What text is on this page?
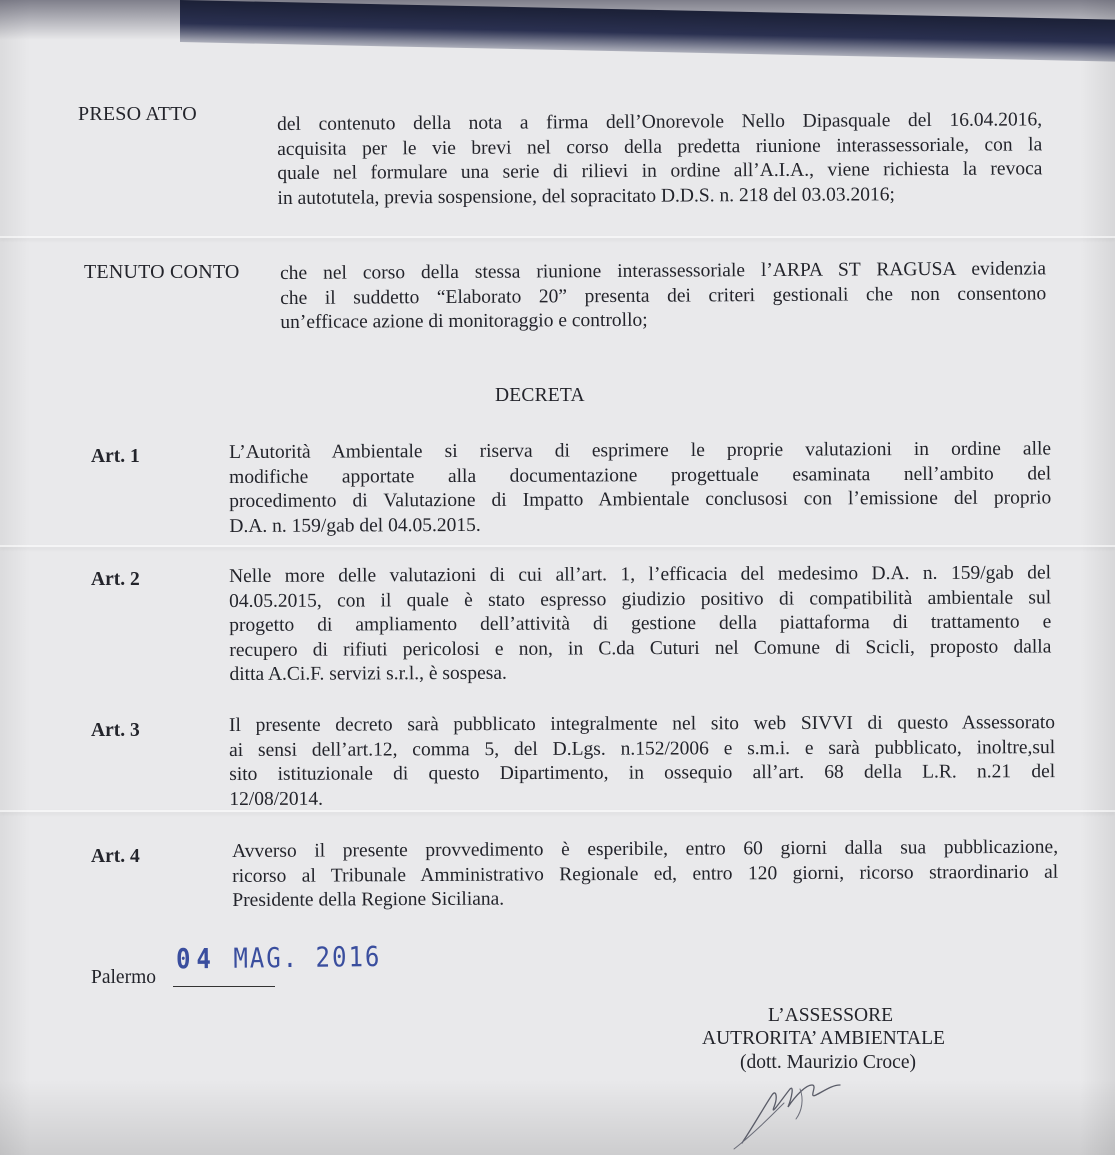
PRESO ATTO	del contenuto della nota a firma dell’Onorevole Nello Dipasquale del 16.04.2016,
acquisita per le vie brevi nel corso della predetta riunione interassessoriale, con la
quale nel formulare una serie di rilievi in ordine all’A.I.A., viene richiesta la revoca
in autotutela, previa sospensione, del sopracitato D.D.S. n. 218 del 03.03.2016;
TENUTO CONTO che nel corso della stessa riunione interassessoriale l’ARPA ST RAGUSA evidenzia
che il suddetto “Elaborato 20” presenta dei criteri gestionali che non consentono
un’efficace azione di monitoraggio e controllo;
DECRETA
Art. 1	L’Autorità Ambientale si riserva di esprimere le proprie valutazioni in ordine alle
modifiche apportate alla documentazione progettuale esaminata nell’ambito del
procedimento di Valutazione di Impatto Ambientale conclusosi con l’emissione del proprio
D.A. n. 159/gab del 04.05.2015.
Art. 2	Nelle more delle valutazioni di cui all’art. 1, l’efficacia del medesimo D.A. n. 159/gab del
04.05.2015, con il quale è stato espresso giudizio positivo di compatibilità ambientale sul
progetto di ampliamento dell’attività di gestione della piattaforma di trattamento e
recupero di rifiuti pericolosi e non, in C.da Cuturi nel Comune di Scicli, proposto dalla
ditta A.Ci.F. servizi s.r.l., è sospesa.
Art. 3	Il presente decreto sarà pubblicato integralmente nel sito web SIVVI di questo Assessorato
ai sensi dell’art.12, comma 5, del D.Lgs. n.152/2006 e s.m.i. e sarà pubblicato, inoltre,sul
sito istituzionale di questo Dipartimento, in ossequio all’art. 68 della L.R. n.21 del
12/08/2014.
Art. 4	Avverso il presente provvedimento è esperibile, entro 60 giorni dalla sua pubblicazione,
ricorso al Tribunale Amministrativo Regionale ed, entro 120 giorni, ricorso straordinario al
Presidente della Regione Siciliana.
Palermo
04 MAG. 2016
L’ASSESSORE
AUTRORITA’ AMBIENTALE
(dott. Maurizio Croce)
